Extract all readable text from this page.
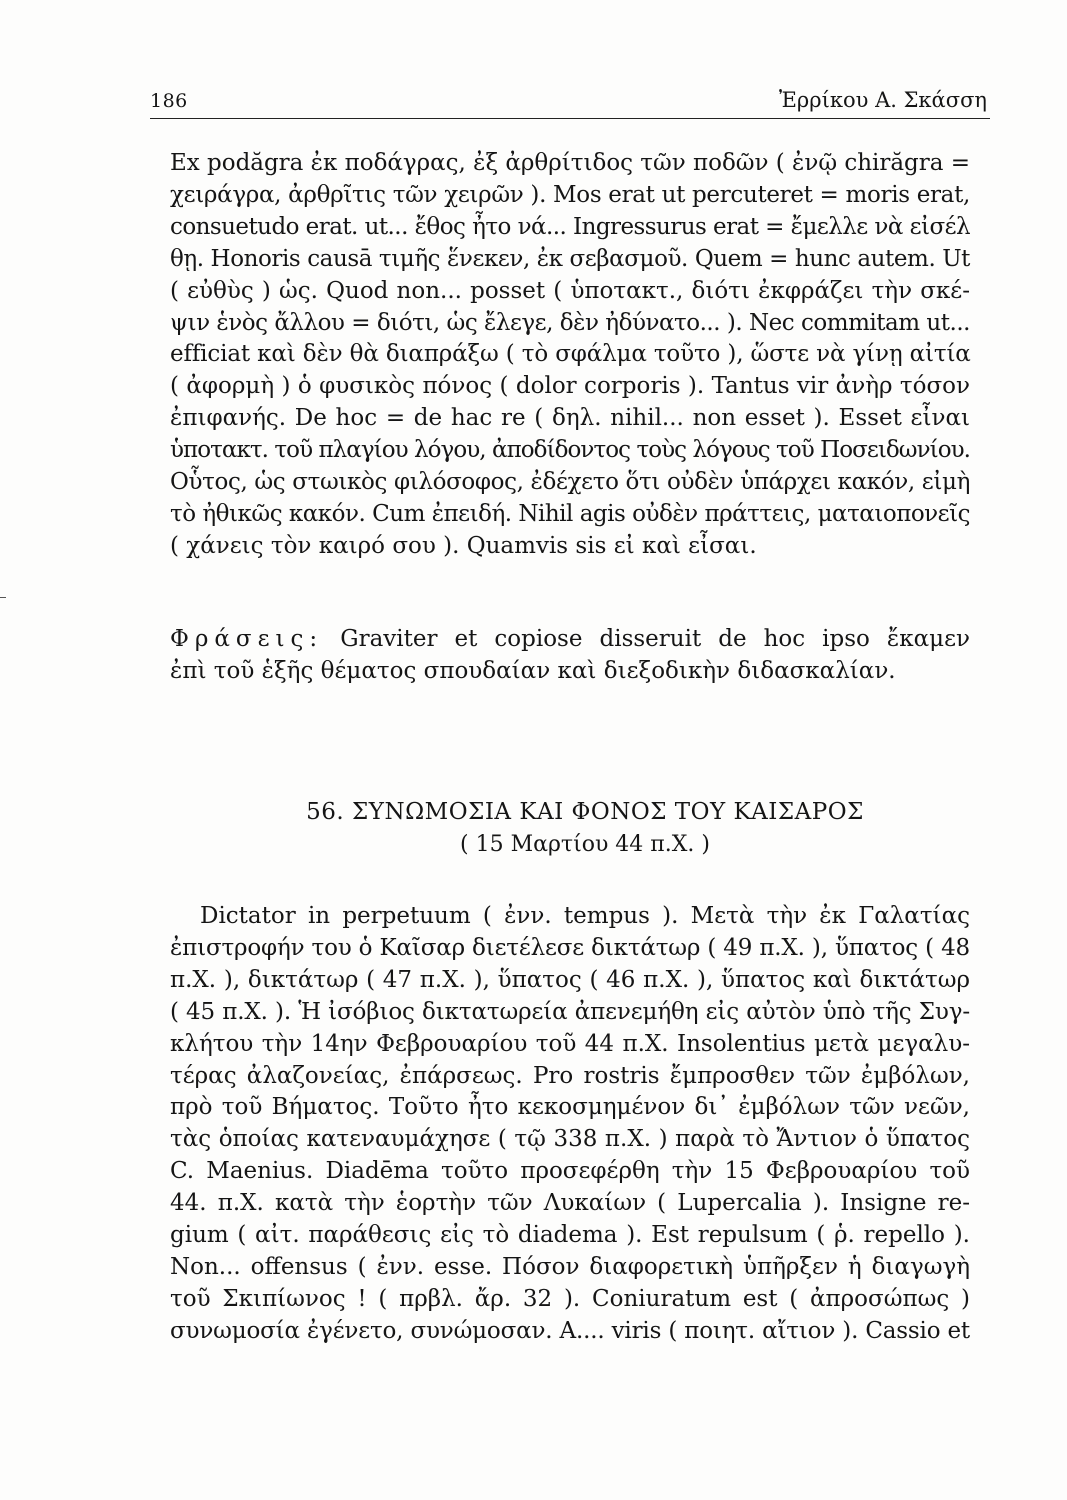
186	Ἐρρίκου Α. Σκάσση
Ex podăgra ἐκ ποδάγρας, ἐξ ἀρθρίτιδος τῶν ποδῶν ( ἐνῷ chirăgra =
χειράγρα, ἀρθρῖτις τῶν χειρῶν ). Mos erat ut percuteret = moris erat,
consuetudo erat. ut... ἔθος ἦτο νά... Ingressurus erat = ἔμελλε νὰ εἰσέλ
θῃ. Honoris causā τιμῆς ἕνεκεν, ἐκ σεβασμοῦ. Quem = hunc autem. Ut
( εὐθὺς ) ὡς. Quod non... posset ( ὑποτακτ., διότι ἐκφράζει τὴν σκέ-
ψιν ἑνὸς ἄλλου = διότι, ὡς ἔλεγε, δὲν ἠδύνατο... ). Nec commitam ut...
efficiat καὶ δὲν θὰ διαπράξω ( τὸ σφάλμα τοῦτο ), ὥστε νὰ γίνῃ αἰτία
( ἀφορμὴ ) ὁ φυσικὸς πόνος ( dolor corporis ). Tantus vir ἀνὴρ τόσον
ἐπιφανής. De hoc = de hac re ( δηλ. nihil... non esset ). Esset εἶναι
ὑποτακτ. τοῦ πλαγίου λόγου, ἀποδίδοντος τοὺς λόγους τοῦ Ποσειδωνίου.
Οὗτος, ὡς στωικὸς φιλόσοφος, ἐδέχετο ὅτι οὐδὲν ὑπάρχει κακόν, εἰμὴ
τὸ ἠθικῶς κακόν. Cum ἐπειδή. Nihil agis οὐδὲν πράττεις, ματαιοπονεῖς
( χάνεις τὸν καιρό σου ). Quamvis sis εἰ καὶ εἶσαι.
Φράσεις: Graviter et copiose disseruit de hoc ipso ἔκαμεν
ἐπὶ τοῦ ἑξῆς θέματος σπουδαίαν καὶ διεξοδικὴν διδασκαλίαν.
56. ΣΥΝΩΜΟΣΙΑ ΚΑΙ ΦΟΝΟΣ ΤΟΥ ΚΑΙΣΑΡΟΣ
( 15 Μαρτίου 44 π.Χ. )
Dictator in perpetuum ( ἐνν. tempus ). Μετὰ τὴν ἐκ Γαλατίας
ἐπιστροφήν του ὁ Καῖσαρ διετέλεσε δικτάτωρ ( 49 π.Χ. ), ὕπατος ( 48
π.Χ. ), δικτάτωρ ( 47 π.Χ. ), ὕπατος ( 46 π.Χ. ), ὕπατος καὶ δικτάτωρ
( 45 π.Χ. ). Ἡ ἰσόβιος δικτατωρεία ἀπενεμήθη εἰς αὐτὸν ὑπὸ τῆς Συγ-
κλήτου τὴν 14ην Φεβρουαρίου τοῦ 44 π.Χ. Insolentius μετὰ μεγαλυ-
τέρας ἀλαζονείας, ἐπάρσεως. Pro rostris ἔμπροσθεν τῶν ἐμβόλων,
πρὸ τοῦ Βήματος. Τοῦτο ἦτο κεκοσμημένον δι᾽ ἐμβόλων τῶν νεῶν,
τὰς ὁποίας κατεναυμάχησε ( τῷ 338 π.Χ. ) παρὰ τὸ Ἄντιον ὁ ὕπατος
C. Maenius. Diadēma τοῦτο προσεφέρθη τὴν 15 Φεβρουαρίου τοῦ
44. π.Χ. κατὰ τὴν ἑορτὴν τῶν Λυκαίων ( Lupercalia ). Insigne re-
gium ( αἰτ. παράθεσις εἰς τὸ diadema ). Est repulsum ( ῥ. repello ).
Non... offensus ( ἐνν. esse. Πόσον διαφορετικὴ ὑπῆρξεν ἡ διαγωγὴ
τοῦ Σκιπίωνος ! ( πρβλ. ἄρ. 32 ). Coniuratum est ( ἀπροσώπως )
συνωμοσία ἐγένετο, συνώμοσαν. A.... viris ( ποιητ. αἴτιον ). Cassio et
